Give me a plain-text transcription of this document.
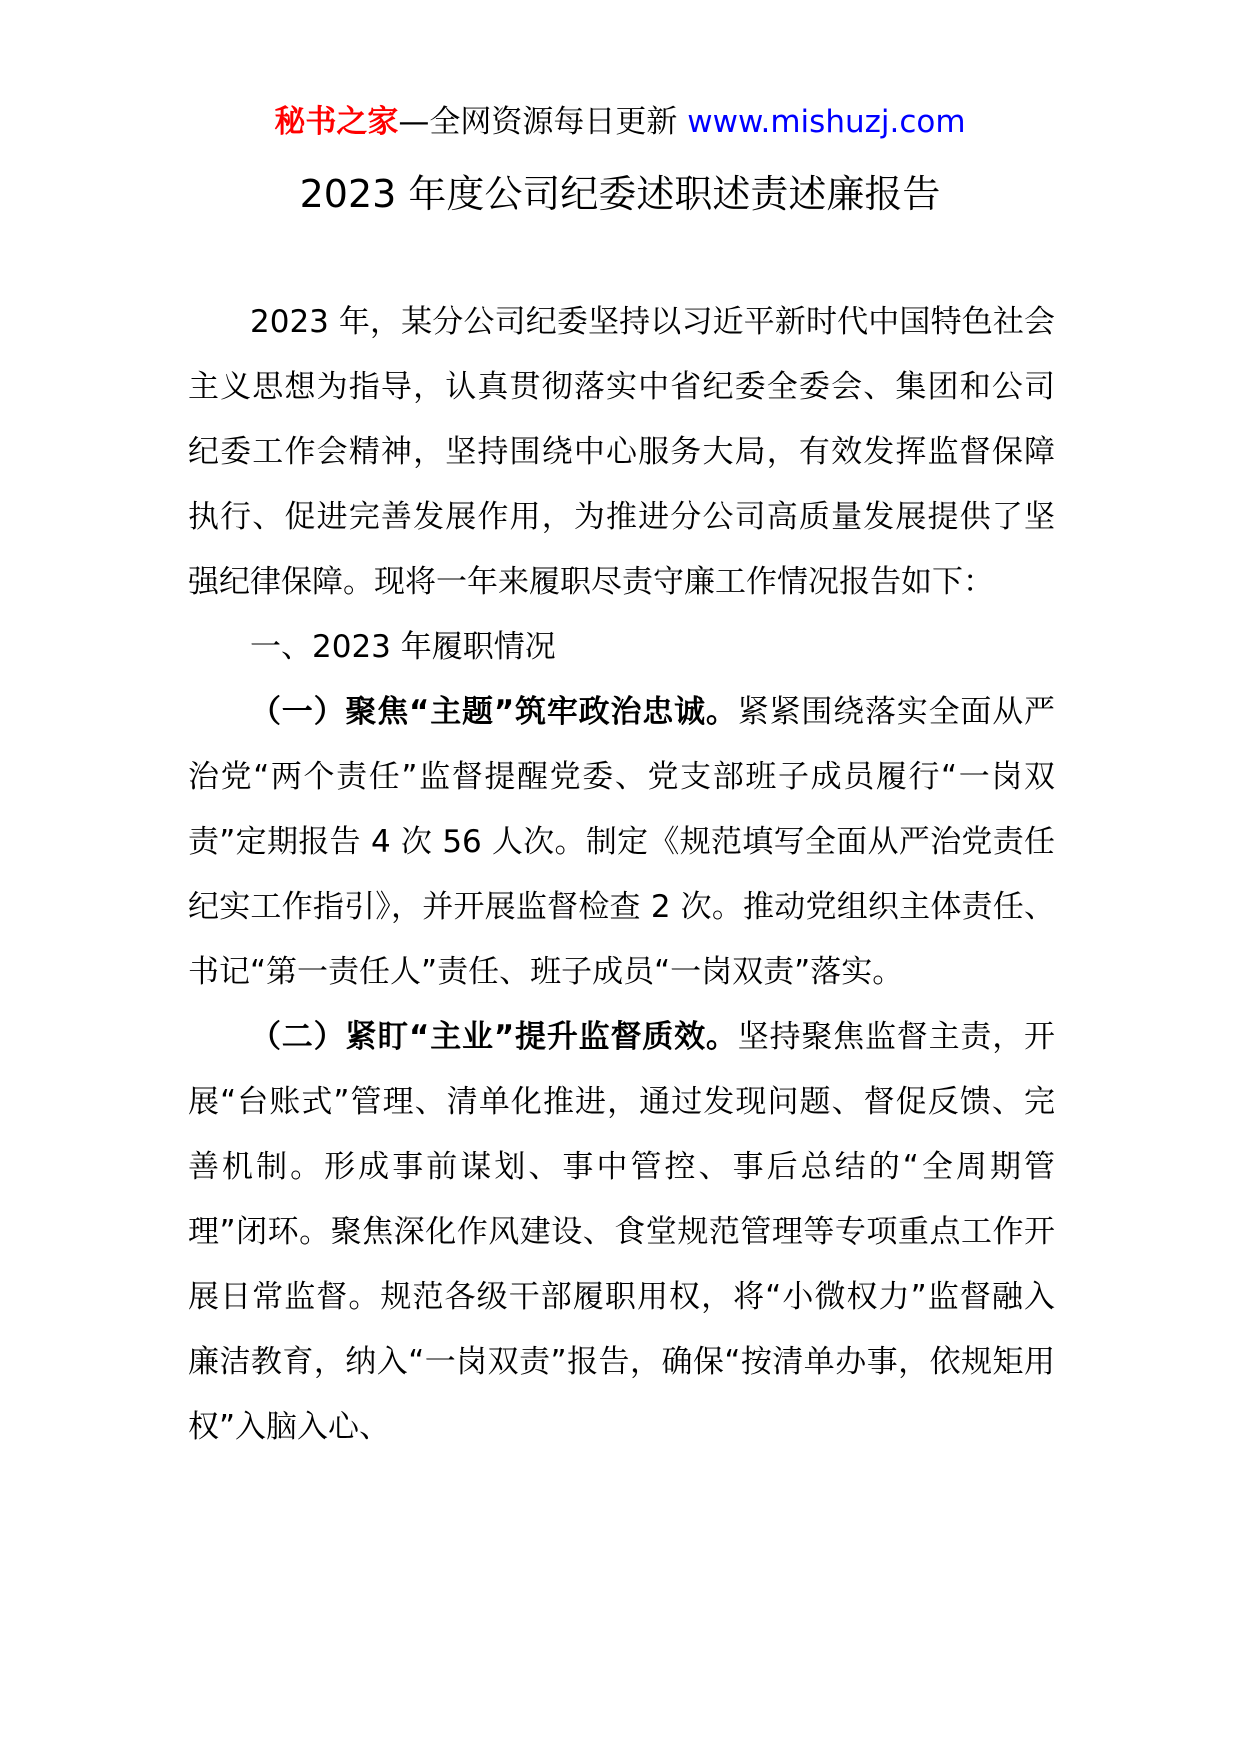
秘书之家—全网资源每日更新 www.mishuzj.com
2023 年度公司纪委述职述责述廉报告

2023 年，某分公司纪委坚持以习近平新时代中国特色社会主义思想为指导，认真贯彻落实中省纪委全委会、集团和公司纪委工作会精神，坚持围绕中心服务大局，有效发挥监督保障执行、促进完善发展作用，为推进分公司高质量发展提供了坚强纪律保障。现将一年来履职尽责守廉工作情况报告如下：

一、2023 年履职情况

（一）聚焦“主题”筑牢政治忠诚。紧紧围绕落实全面从严治党“两个责任”监督提醒党委、党支部班子成员履行“一岗双责”定期报告 4 次 56 人次。制定《规范填写全面从严治党责任纪实工作指引》，并开展监督检查 2 次。推动党组织主体责任、书记“第一责任人”责任、班子成员“一岗双责”落实。

（二）紧盯“主业”提升监督质效。坚持聚焦监督主责，开展“台账式”管理、清单化推进，通过发现问题、督促反馈、完善机制。形成事前谋划、事中管控、事后总结的“全周期管理”闭环。聚焦深化作风建设、食堂规范管理等专项重点工作开展日常监督。规范各级干部履职用权，将“小微权力”监督融入廉洁教育，纳入“一岗双责”报告，确保“按清单办事，依规矩用权”入脑入心、
